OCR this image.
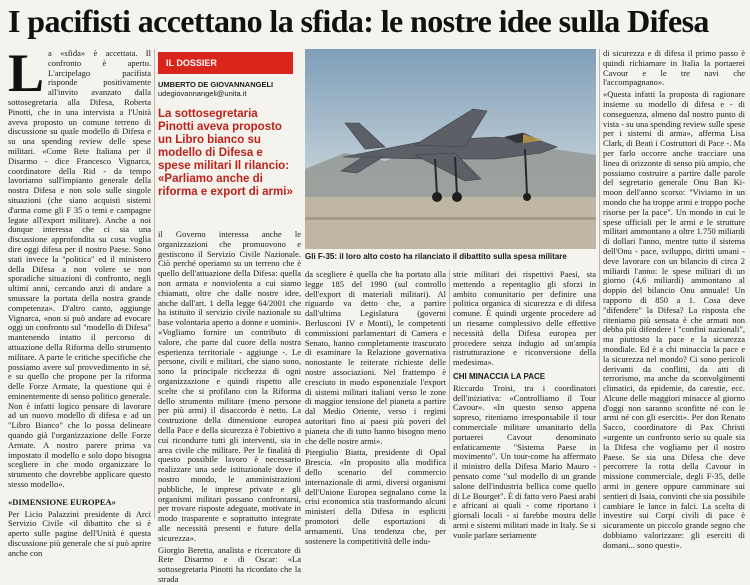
I pacifisti accettano la sfida: le nostre idee sulla Difesa

La «sfida» è accettata. Il confronto è aperto. L'arcipelago pacifista risponde positivamente all'invito avanzato dalla sottosegretaria alla Difesa, Roberta Pinotti, che in una intervista a l'Unità aveva proposto un comune terreno di discussione su quale modello di Difesa e su una spending review delle spese militari. «Come Rete Italiana per il Disarmo - dice Francesco Vignarca, coordinatore della Rid - da tempo lavoriamo sull'impianto generale della nostra Difesa e non solo sulle singole situazioni (che siano acquisti sistemi d'arma come gli F 35 o temi e campagne legate all'export militare). Anche a noi dunque interessa che ci sia una discussione approfondita su cosa voglia dire oggi difesa per il nostro Paese. Sono stati invece la "politica" ed il ministero della Difesa a non volere se non sporadiche situazioni di confronto, negli ultimi anni, cercando anzi di andare a smussare la portata della nostra grande competenza». D'altro canto, aggiunge Vignarca, «non si può andare ad evocare oggi un confronto sul "modello di Difesa" mantenendo intatto il percorso di attuazione della Riforma dello strumento militare. A parte le critiche specifiche che possiamo avere sul provvedimento in sé, e su quello che propone per la riforma delle Forze Armate, la questione qui è eminentemente di senso politico generale. Non è infatti logico pensare di lavorare ad un nuovo modello di difesa e ad un "Libro Bianco" che lo possa delineare quando già l'organizzazione delle Forze Armate. A nostro parere prima va impostato il modello e solo dopo bisogna scegliere in che modo organizzare lo strumento che dovrebbe applicare questo stesso modello».

«DIMENSIONE EUROPEA»

Per Licio Palazzini presidente di Arci Servizio Civile «il dibattito che si è aperto sulle pagine dell'Unità è questa discussione più generale che si può aprire anche con

IL DOSSIER
UMBERTO DE GIOVANNANGELI
udegiovannangeli@unita.it
La sottosegretaria Pinotti aveva proposto un Libro bianco su modello di Difesa e spese militari Il rilancio: «Parliamo anche di riforma e export di armi»

il Governo interessa anche le organizzazioni che promuovono e gestiscono il Servizio Civile Nazionale. Ciò perché operiamo su un terreno che è quello dell'attuazione della Difesa: quella non armata e nonviolenta a cui siamo chiamati, oltre che dalle nostre idee, anche dall'art. 1 della legge 64/2001 che ha istituito il servizio civile nazionale su base volontaria aperto a donne e uomini». «Vogliamo fornire un contributo di valore, che parte dal cuore della nostra esperienza territoriale - aggiunge -. Le persone, civili e militari, che siano sono, sono la principale ricchezza di ogni organizzazione e quindi rispetto alle scelte che si profilano con la Riforma dello strumento militare (meno persone per più armi) il disaccordo è netto. La costruzione della dimensione europea della Pace e della sicurezza è l'obiettivo a cui ricondurre tutti gli interventi, sia in area civile che militare. Per le finalità di questo possibile lavoro è necessario realizzare una sede istituzionale dove il nostro mondo, le amministrazioni pubbliche, le imprese private e gli organismi militari possano confrontarsi, per trovare risposte adeguate, motivate in modo trasparente e soprattutto integrate alle necessità presenti e future della sicurezza».

Giorgio Beretta, analista e ricercatore di Rete Disarmo e di Oscar: «La sottosegretaria Pinotti ha ricordato che la strada

Gli F-35: il loro alto costo ha rilanciato il dibattito sulla spesa militare

da scegliere è quella che ha portato alla legge 185 del 1990 (sul controllo dell'export di materiali militari). Al riguardo va detto che, a partire dall'ultima Legislatura (governi Berlusconi IV e Monti), le competenti commissioni parlamentari di Camera e Senato, hanno completamente trascurato di esaminare la Relazione governativa nonostante le reiterate richieste delle nostre associazioni. Nel frattempo è cresciuto in modo esponenziale l'export di sistemi militari italiani verso le zone di maggior tensione del pianeta a partire dal Medio Oriente, verso i regimi autoritari fino ai paesi più poveri del pianeta che di tutto hanno bisogno meno che delle nostre armi».

Piergiulio Biatta, presidente di Opal Brescia. «In proposito alla modifica dello scenario del commercio internazionale di armi, diversi organismi dell'Unione Europea segnalano come la crisi economica stia trasformando alcuni ministeri della Difesa in espliciti promotori delle esportazioni di armamenti. Una tendenza che, per sostenere la competitività delle indu-

strie militari dei rispettivi Paesi, sta mettendo a repentaglio gli sforzi in ambito comunitario per definire una politica organica di sicurezza e di difesa comune. È quindi urgente procedere ad un riesame complessivo delle effettive necessità della Difesa europea per procedere senza indugio ad un'ampia ristrutturazione e riconversione della medesima».

CHI MINACCIA LA PACE

Riccardo Troisi, tra i coordinatori dell'iniziativa: «Controlliamo il Tour Cavour». «In questo senso appena sopreso, riteniamo irresponsabile il tour commerciale militare umanitario della portaerei Cavour denominato enfaticamente "Sistema Paese in movimento". Un tour-come ha affermato il ministro della Difesa Mario Mauro - pensato come "sul modello di un grande salone dell'industria bellica come quello di Le Bourget". È di fatto vero Paesi arabi e africani ai quali - come riportano i giornali locali - si farebbe mostra delle armi e sistemi militari made in Italy. Se si vuole parlare seriamente

di sicurezza e di difesa il primo passo è quindi richiamare in Italia la portaerei Cavour e le tre navi che l'accompagnano».

«Questa infatti la proposta di ragionare insieme su modello di difesa e - di conseguenza, almeno dal nostro punto di vista - su una spending review sulle spese per i sistemi di arma», afferma Lisa Clark, di Beati i Costruttori di Pace -. Ma per farlo occorre anche tracciare una linea di orizzonte di senso più ampio, che possiamo costruire a partire dalle parole del segretario generale Onu Ban Ki-moon dell'anno scorso: "Viviamo in un mondo che ha troppe armi e troppo poche risorse per la pace". Un mondo in cui le spese ufficiali per le armi e le strutture militari ammontano a oltre 1.750 miliardi di dollari l'anno, mentre tutto il sistema dell'Onu - pace, sviluppo, diritti umani - deve lavorare con un bilancio di circa 2 miliardi l'anno: le spese militari di un giorno (4,6 miliardi) ammontano al doppio del bilancio Onu annuale! Un rapporto di 850 a 1. Cosa deve "difendere" la Difesa? La risposta che riteniamo più sensata è che armati non debba più difendere i "confini nazionali", ma piuttosto la pace e la sicurezza mondiale. Ed è a chi minaccia la pace e la sicurezza nel mondo? Ci sono pericoli derivanti da conflitti, da atti di terrorismo, ma anche da sconvolgimenti climatici, da epidemie, da carestie, ecc. Alcune delle maggiori minacce al giorno d'oggi non saranno sconfitte né con le armi né con gli eserciti». Per don Renato Sacco, coordinatore di Pax Christi «urgente un confronto serio su quale sia la Difesa che vogliamo per il nostro Paese. Se sia una Difesa che deve percorrere la rotta della Cavour in missione commerciale, degli F-35, delle armi in genere oppure camminare sui sentieri di Isaia, convinti che sia possibile cambiare le lance in falci. La scelta di investire sui Corpi civili di pace è sicuramente un piccolo grande segno che dobbiamo valorizzare: gli eserciti di domani... sono questi».
